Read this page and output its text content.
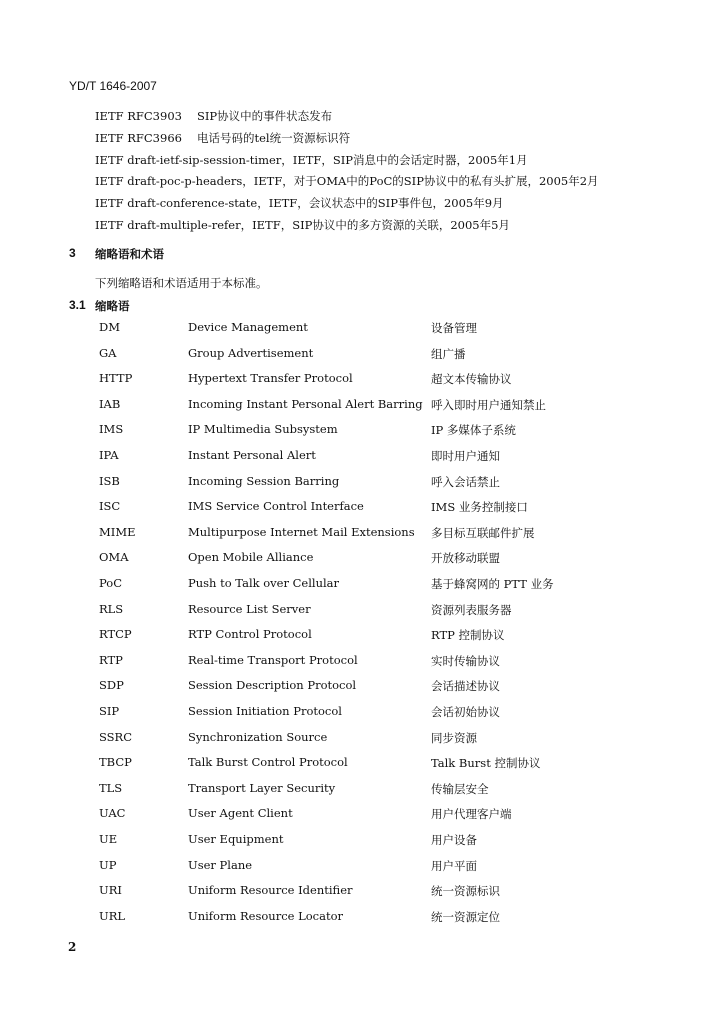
YD/T 1646-2007
IETF RFC3903 SIP协议中的事件状态发布
IETF RFC3966 电话号码的tel统一资源标识符
IETF draft-ietf-sip-session-timer，IETF，SIP消息中的会话定时器，2005年1月
IETF draft-poc-p-headers，IETF，对于OMA中的PoC的SIP协议中的私有头扩展，2005年2月
IETF draft-conference-state，IETF，会议状态中的SIP事件包，2005年9月
IETF draft-multiple-refer，IETF，SIP协议中的多方资源的关联，2005年5月
3 缩略语和术语
下列缩略语和术语适用于本标准。
3.1 缩略语
DM	Device Management	设备管理
GA	Group Advertisement	组广播
HTTP	Hypertext Transfer Protocol	超文本传输协议
IAB	Incoming Instant Personal Alert Barring 呼入即时用户通知禁止
IMS	IP Multimedia Subsystem	IP 多媒体子系统
IPA	Instant Personal Alert	即时用户通知
ISB	Incoming Session Barring	呼入会话禁止
ISC	IMS Service Control Interface	IMS 业务控制接口
MIME	Multipurpose Internet Mail Extensions 多目标互联邮件扩展
OMA	Open Mobile Alliance	开放移动联盟
PoC	Push to Talk over Cellular	基于蜂窝网的 PTT 业务
RLS	Resource List Server	资源列表服务器
RTCP	RTP Control Protocol	RTP 控制协议
RTP	Real-time Transport Protocol	实时传输协议
SDP	Session Description Protocol	会话描述协议
SIP	Session Initiation Protocol	会话初始协议
SSRC	Synchronization Source	同步资源
TBCP	Talk Burst Control Protocol	Talk Burst 控制协议
TLS	Transport Layer Security	传输层安全
UAC	User Agent Client	用户代理客户端
UE	User Equipment	用户设备
UP	User Plane	用户平面
URI	Uniform Resource Identifier	统一资源标识
URL	Uniform Resource Locator	统一资源定位
2
